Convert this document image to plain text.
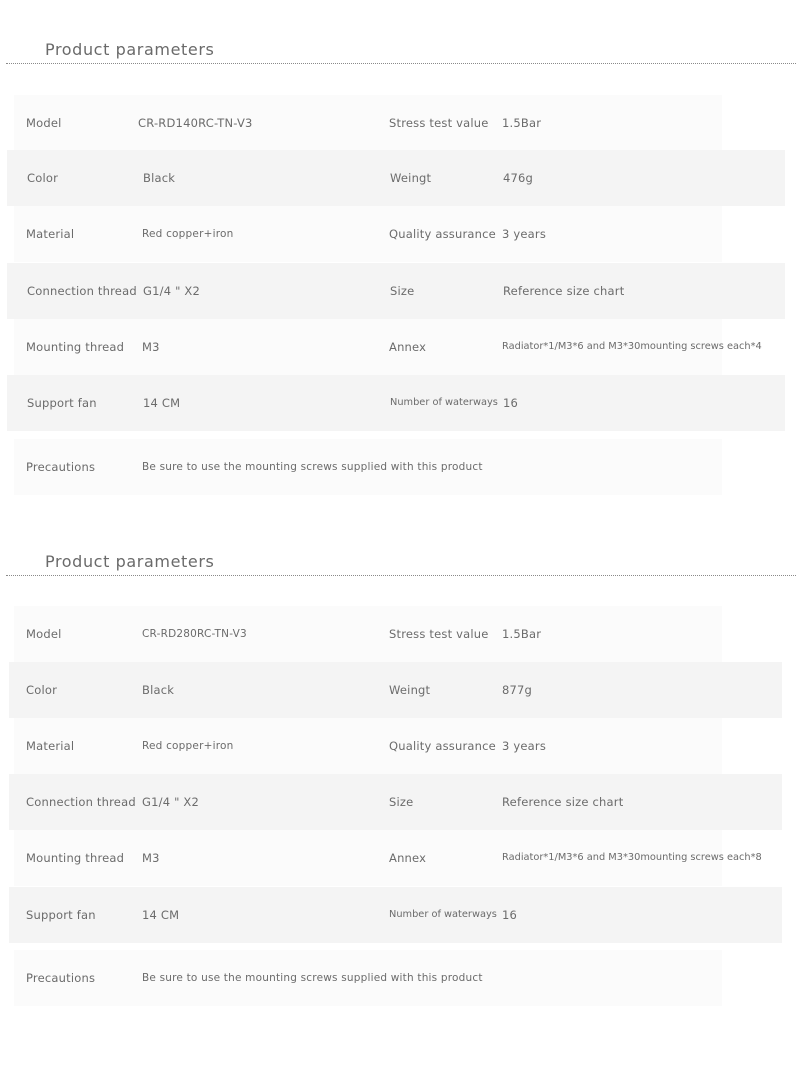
Product parameters
Model	CR-RD140RC-TN-V3	Stress test value 1.5Bar
Color	Black	Weingt	476g
Material	Red copper+iron	Quality assurance 3 years
Connection thread G1/4 " X2	Size	Reference size chart
Mounting thread M3	Annex	Radiator*1/M3*6 and M3*30mounting screws each*4
Support fan	14 CM	Number of waterways 16
Precautions	Be sure to use the mounting screws supplied with this product
Product parameters
Model	CR-RD280RC-TN-V3	Stress test value 1.5Bar
Color	Black	Weingt	877g
Material	Red copper+iron	Quality assurance 3 years
Connection thread G1/4 " X2	Size	Reference size chart
Mounting thread M3	Annex	Radiator*1/M3*6 and M3*30mounting screws each*8
Support fan	14 CM	Number of waterways 16
Precautions	Be sure to use the mounting screws supplied with this product
